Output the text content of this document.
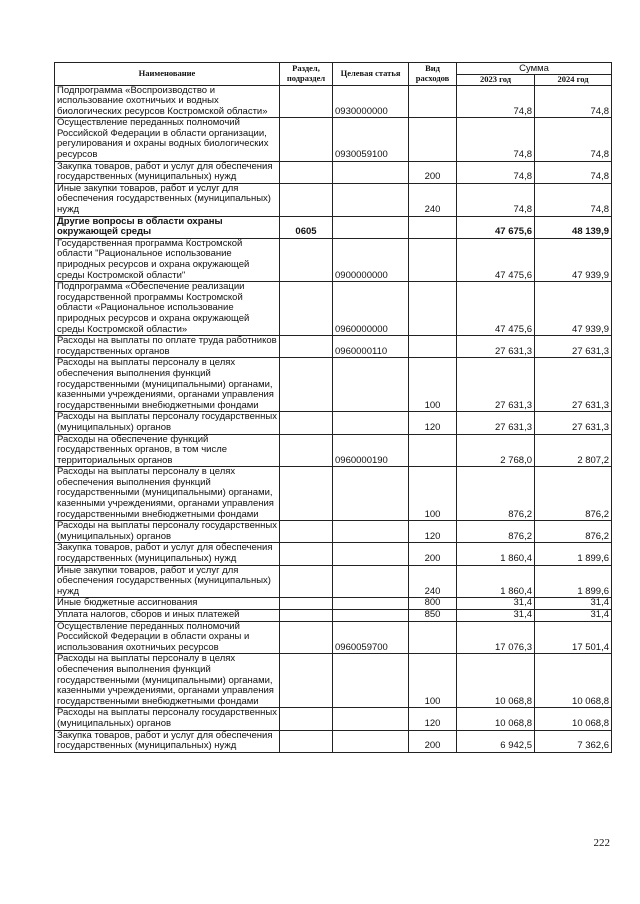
Наименование	Раздел, подраздел	Целевая статья	Вид расходов	Сумма	
				2023 год	2024 год
Подпрограмма «Воспроизводство и использование охотничьих и водных биологических ресурсов Костромской области»		0930000000		74,8	74,8
Осуществление переданных полномочий Российской Федерации в области организации, регулирования и охраны водных биологических ресурсов		0930059100		74,8	74,8
Закупка товаров, работ и услуг для обеспечения государственных (муниципальных) нужд			200	74,8	74,8
Иные закупки товаров, работ и услуг для обеспечения государственных (муниципальных) нужд			240	74,8	74,8
Другие вопросы в области охраны окружающей среды	0605			47 675,6	48 139,9
Государственная программа Костромской области "Рациональное использование природных ресурсов и охрана окружающей среды Костромской области"		0900000000		47 475,6	47 939,9
Подпрограмма «Обеспечение реализации государственной программы Костромской области «Рациональное использование природных ресурсов и охрана окружающей среды Костромской области»		0960000000		47 475,6	47 939,9
Расходы на выплаты по оплате труда работников государственных органов		0960000110		27 631,3	27 631,3
Расходы на выплаты персоналу в целях обеспечения выполнения функций государственными (муниципальными) органами, казенными учреждениями, органами управления государственными внебюджетными фондами			100	27 631,3	27 631,3
Расходы на выплаты персоналу государственных (муниципальных) органов			120	27 631,3	27 631,3
Расходы на обеспечение функций государственных органов, в том числе территориальных органов		0960000190		2 768,0	2 807,2
Расходы на выплаты персоналу в целях обеспечения выполнения функций государственными (муниципальными) органами, казенными учреждениями, органами управления государственными внебюджетными фондами			100	876,2	876,2
Расходы на выплаты персоналу государственных (муниципальных) органов			120	876,2	876,2
Закупка товаров, работ и услуг для обеспечения государственных (муниципальных) нужд			200	1 860,4	1 899,6
Иные закупки товаров, работ и услуг для обеспечения государственных (муниципальных) нужд			240	1 860,4	1 899,6
Иные бюджетные ассигнования			800	31,4	31,4
Уплата налогов, сборов и иных платежей			850	31,4	31,4
Осуществление переданных полномочий Российской Федерации в области охраны и использования охотничьих ресурсов		0960059700		17 076,3	17 501,4
Расходы на выплаты персоналу в целях обеспечения выполнения функций государственными (муниципальными) органами, казенными учреждениями, органами управления государственными внебюджетными фондами			100	10 068,8	10 068,8
Расходы на выплаты персоналу государственных (муниципальных) органов			120	10 068,8	10 068,8
Закупка товаров, работ и услуг для обеспечения государственных (муниципальных) нужд			200	6 942,5	7 362,6
222
